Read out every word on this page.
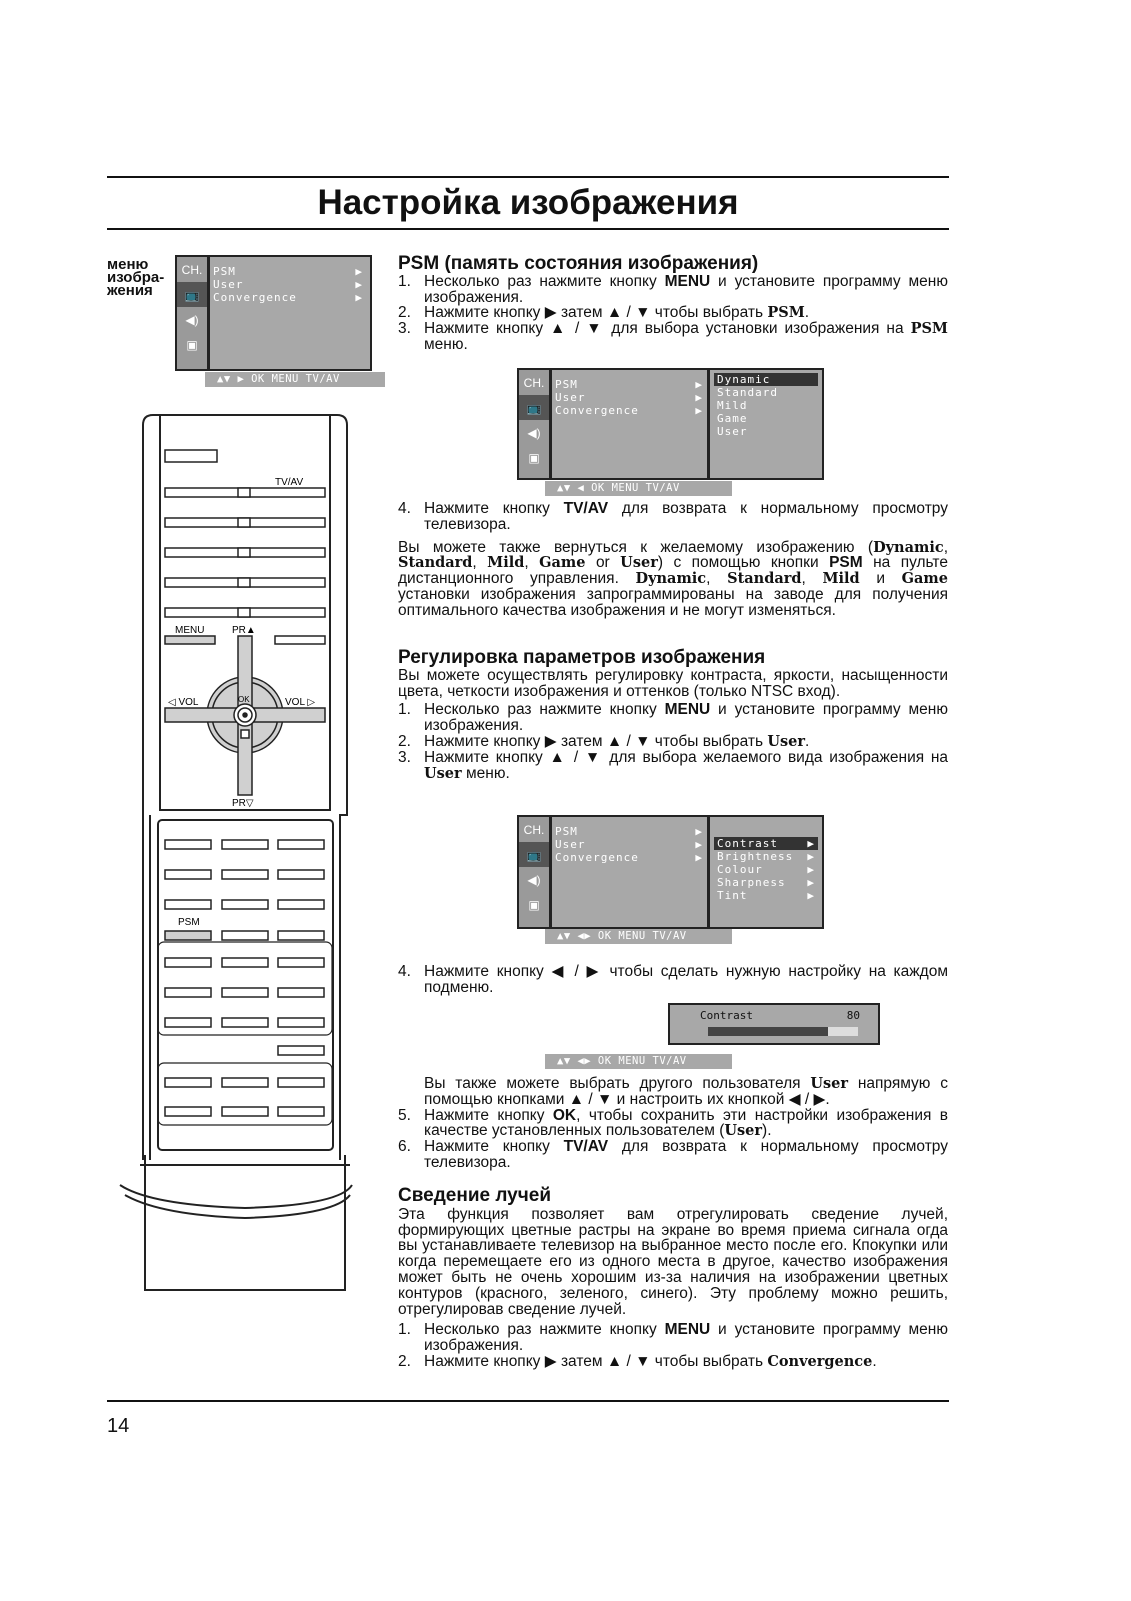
Настройка изображения
меню
изобра-
жения
CH.
📺
◀)
▣
PSM	▶
User	▶
Convergence	▶
▲▼ ▶ OK MENU TV/AV	CH.
📺
◀)
▣
PSM	▶
User	▶
Convergence	▶
Dynamic
Standard
Mild
Game
User
▲▼ ◀ OK MENU TV/AV
CH.
📺
◀)
▣
PSM	▶
User	▶
Convergence	▶
Contrast	▶
Brightness ▶
Colour	▶
Sharpness ▶
Tint	▶
▲▼ ◀▶ OK MENU TV/AV
Contrast	80
▲▼ ◀▶ OK MENU TV/AV
TV/AV
MENU	PR▲
OK
◁ VOL	VOL ▷
PR▽
PSM
PSM (память состояния изображения)
1. Несколько раз нажмите кнопку MENU и установите программу меню изображения.
2. Нажмите кнопку ▶ затем ▲ / ▼ чтобы выбрать PSM.
3. Нажмите кнопку ▲ / ▼ для выбора установки изображения на PSM меню.
4. Нажмите кнопку TV/AV для возврата к нормальному просмотру телевизора.
Вы можете также вернуться к желаемому изображению (Dynamic, Standard, Mild, Game or User) с помощью кнопки PSM на пульте дистанционного управления. Dynamic, Standard, Mild и Game установки изображения запрограммированы на заводе для получения оптимального качества изображения и не могут изменяться.
Регулировка параметров изображения
Вы можете осуществлять регулировку контраста, яркости, насыщенности цвета, четкости изображения и оттенков (только NTSC вход).
1. Несколько раз нажмите кнопку MENU и установите программу меню изображения.
2. Нажмите кнопку ▶ затем ▲ / ▼ чтобы выбрать User.
3. Нажмите кнопку ▲ / ▼ для выбора желаемого вида изображения на User меню.
4. Нажмите кнопку ◀ / ▶ чтобы сделать нужную настройку на каждом подменю.
Вы также можете выбрать другого пользователя User напрямую с помощью кнопками ▲ / ▼ и настроить их кнопкой ◀ / ▶.
5. Нажмите кнопку OK, чтобы сохранить эти настройки изображения в качестве установленных пользователем (User).
6. Нажмите кнопку TV/AV для возврата к нормальному просмотру телевизора.
Сведение лучей
Эта функция позволяет вам отрегулировать сведение лучей, формирующих цветные растры на экране во время приема сигнала огда вы устанавливаете телевизор на выбранное место после его. Кпокупки или когда перемещаете его из одного места в другое, качество изображения может быть не очень хорошим из-за наличия на изображении цветных контуров (красного, зеленого, синего). Эту проблему можно решить, отрегулировав сведение лучей.
1. Несколько раз нажмите кнопку MENU и установите программу меню изображения.
2. Нажмите кнопку ▶ затем ▲ / ▼ чтобы выбрать Convergence.
14
